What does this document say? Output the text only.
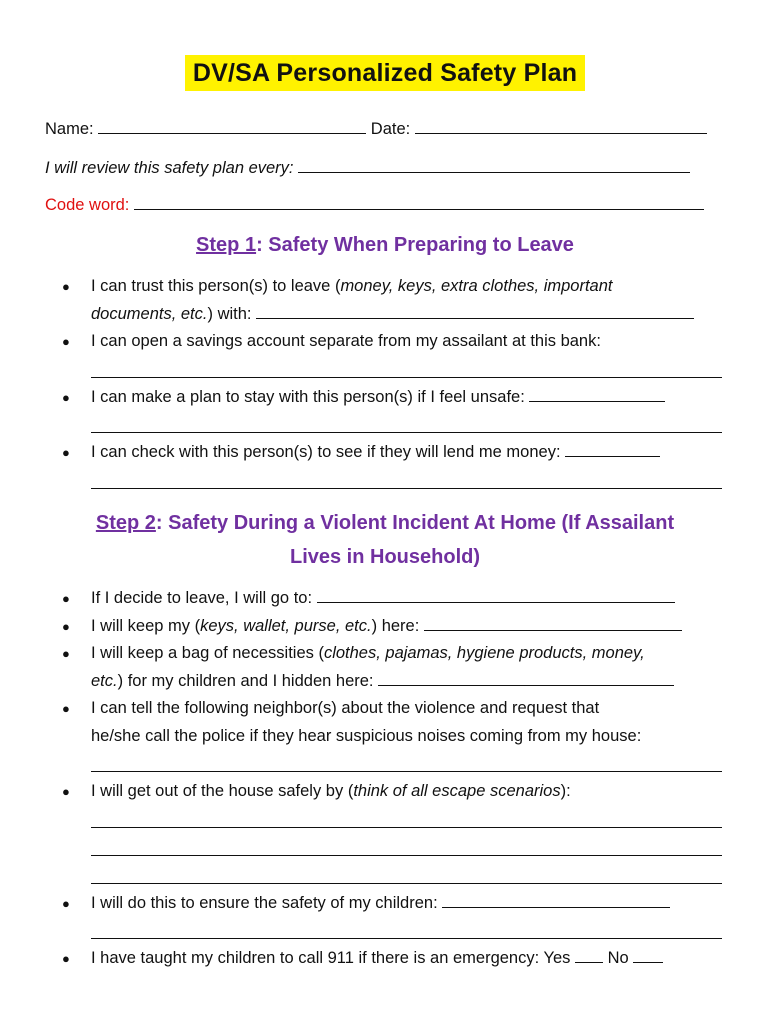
DV/SA Personalized Safety Plan
Name:	Date:
I will review this safety plan every:
Code word:
Step 1: Safety When Preparing to Leave
● I can trust this person(s) to leave (money, keys, extra clothes, important
documents, etc.) with:
● I can open a savings account separate from my assailant at this bank:
● I can make a plan to stay with this person(s) if I feel unsafe:
● I can check with this person(s) to see if they will lend me money:
Step 2: Safety During a Violent Incident At Home (If Assailant
Lives in Household)
● If I decide to leave, I will go to:
● I will keep my (keys, wallet, purse, etc.) here:
● I will keep a bag of necessities (clothes, pajamas, hygiene products, money,
etc.) for my children and I hidden here:
● I can tell the following neighbor(s) about the violence and request that
he/she call the police if they hear suspicious noises coming from my house:
● I will get out of the house safely by (think of all escape scenarios):
● I will do this to ensure the safety of my children:
● I have taught my children to call 911 if there is an emergency: Yes No
